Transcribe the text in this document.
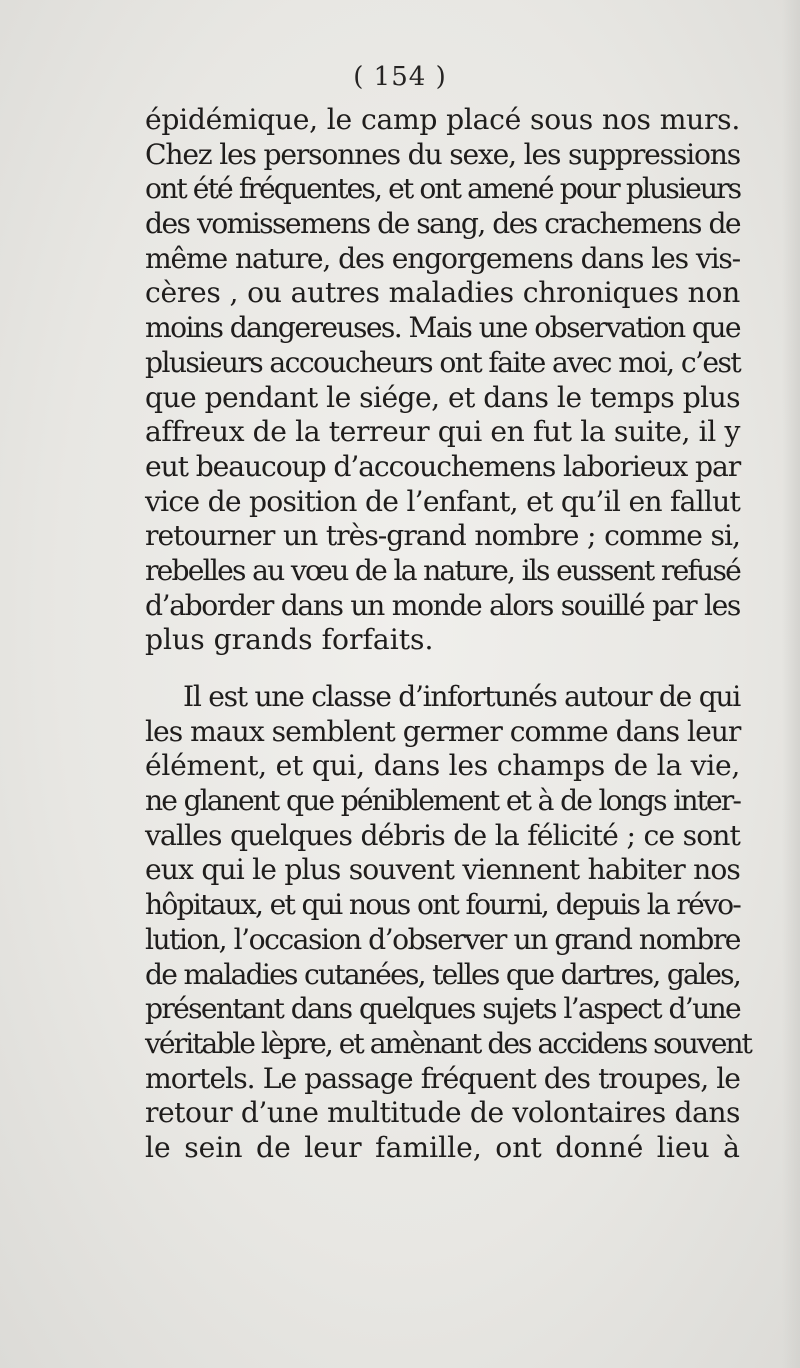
( 154 )
épidémique, le camp placé sous nos murs.
Chez les personnes du sexe, les suppressions
ont été fréquentes, et ont amené pour plusieurs
des vomissemens de sang, des crachemens de
même nature, des engorgemens dans les vis-
cères , ou autres maladies chroniques non
moins dangereuses. Mais une observation que
plusieurs accoucheurs ont faite avec moi, c’est
que pendant le siége, et dans le temps plus
affreux de la terreur qui en fut la suite, il y
eut beaucoup d’accouchemens laborieux par
vice de position de l’enfant, et qu’il en fallut
retourner un très-grand nombre ; comme si,
rebelles au vœu de la nature, ils eussent refusé
d’aborder dans un monde alors souillé par les
plus grands forfaits.
Il est une classe d’infortunés autour de qui
les maux semblent germer comme dans leur
élément, et qui, dans les champs de la vie,
ne glanent que péniblement et à de longs inter-
valles quelques débris de la félicité ; ce sont
eux qui le plus souvent viennent habiter nos
hôpitaux, et qui nous ont fourni, depuis la révo-
lution, l’occasion d’observer un grand nombre
de maladies cutanées, telles que dartres, gales,
présentant dans quelques sujets l’aspect d’une
véritable lèpre, et amènant des accidens souvent
mortels. Le passage fréquent des troupes, le
retour d’une multitude de volontaires dans
le sein de leur famille, ont donné lieu à
